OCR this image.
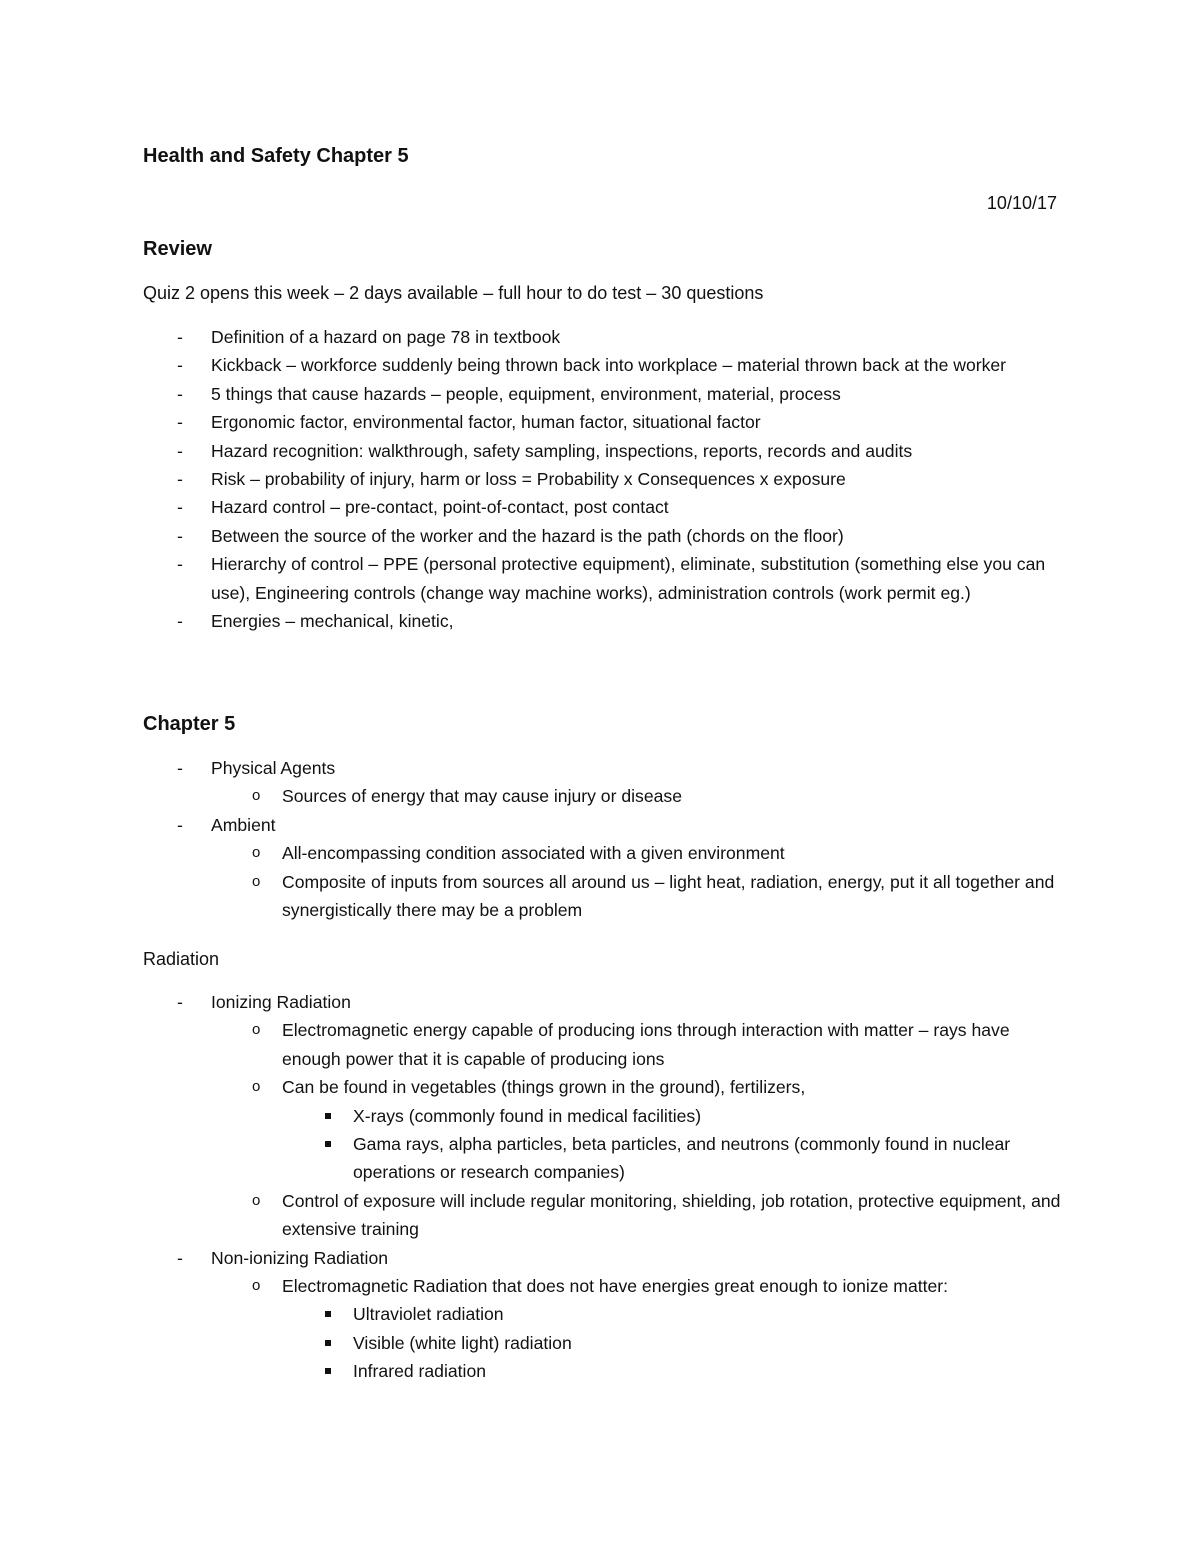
Health and Safety Chapter 5
10/10/17
Review
Quiz 2 opens this week – 2 days available – full hour to do test – 30 questions
- Definition of a hazard on page 78 in textbook
- Kickback – workforce suddenly being thrown back into workplace – material thrown back at the worker
- 5 things that cause hazards – people, equipment, environment, material, process
- Ergonomic factor, environmental factor, human factor, situational factor
- Hazard recognition: walkthrough, safety sampling, inspections, reports, records and audits
- Risk – probability of injury, harm or loss = Probability x Consequences x exposure
- Hazard control – pre-contact, point-of-contact, post contact
- Between the source of the worker and the hazard is the path (chords on the floor)
- Hierarchy of control – PPE (personal protective equipment), eliminate, substitution (something else you can use), Engineering controls (change way machine works), administration controls (work permit eg.)
- Energies – mechanical, kinetic,
Chapter 5
- Physical Agents
o Sources of energy that may cause injury or disease
- Ambient
o All-encompassing condition associated with a given environment
o Composite of inputs from sources all around us – light heat, radiation, energy, put it all together and synergistically there may be a problem
Radiation
- Ionizing Radiation
o Electromagnetic energy capable of producing ions through interaction with matter – rays have enough power that it is capable of producing ions
o Can be found in vegetables (things grown in the ground), fertilizers,
X-rays (commonly found in medical facilities)
Gama rays, alpha particles, beta particles, and neutrons (commonly found in nuclear operations or research companies)
o Control of exposure will include regular monitoring, shielding, job rotation, protective equipment, and extensive training
- Non-ionizing Radiation
o Electromagnetic Radiation that does not have energies great enough to ionize matter:
Ultraviolet radiation
Visible (white light) radiation
Infrared radiation
